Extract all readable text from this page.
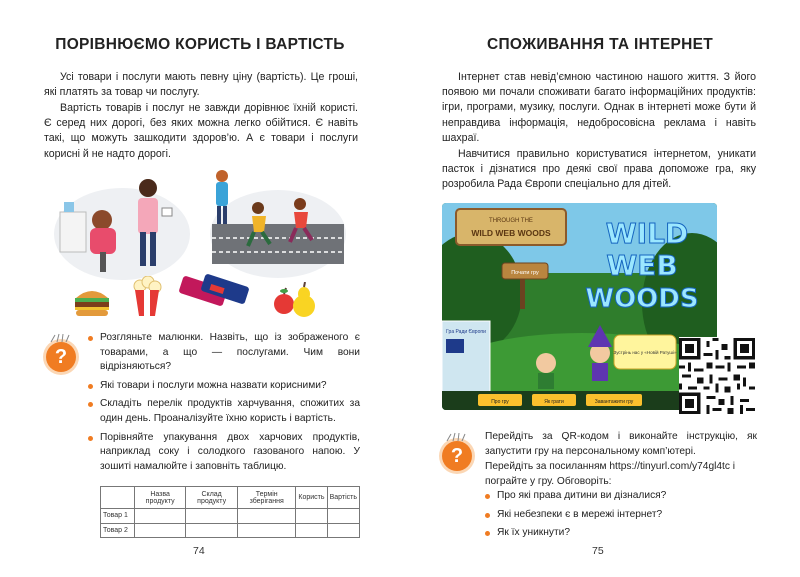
ПОРІВНЮЄМО КОРИСТЬ І ВАРТІСТЬ
Усі товари і послуги мають певну ціну (вартість). Це гроші, які платять за товар чи послугу.
Вартість товарів і послуг не завжди дорівнює їхній користі. Є серед них дорогі, без яких можна легко обійтися. Є навіть такі, що можуть зашкодити здоров’ю. А є товари і послуги корисні й не надто дорогі.
?
Розгляньте малюнки. Назвіть, що із зображеного є товарами, а що — послугами. Чим вони відрізняються?
Які товари і послуги можна назвати корисними?
Складіть перелік продуктів харчування, спожитих за один день. Проаналізуйте їхню користь і вартість.
Порівняйте упакування двох харчових продуктів, наприклад соку і солодкого газованого напою. У зошиті намалюйте і заповніть таблицю.
	Назва продукту	Склад продукту	Термін зберігання	Користь	Вартість
Товар 1					
Товар 2					
74
СПОЖИВАННЯ ТА ІНТЕРНЕТ
Інтернет став невід’ємною частиною нашого життя. З його появою ми почали споживати багато інформаційних продуктів: ігри, програми, музику, послуги. Однак в інтернеті може бути й неправдива інформація, недоброcовісна реклама і навіть шахраї.
Навчитися правильно користуватися інтернетом, уникати пасток і дізнатися про деякі свої права допоможе гра, яку розробила Рада Європи спеціально для дітей.
THROUGH THE
WILD WEB WOODS WILD
WEB
WOODS
Почати гру
Гра Ради Європи
Зустрінь нас у «Новій Ратуші»
Про гру	Як грати	Завантажити гру
?
Перейдіть за QR-кодом і виконайте інструкцію, як запустити гру на персональному комп’ютері.
Перейдіть за посиланням https://tinyurl.com/y74gl4tc і пограйте у гру. Обговоріть:
Про які права дитини ви дізналися?
Які небезпеки є в мережі інтернет?
Як їх уникнути?
75
